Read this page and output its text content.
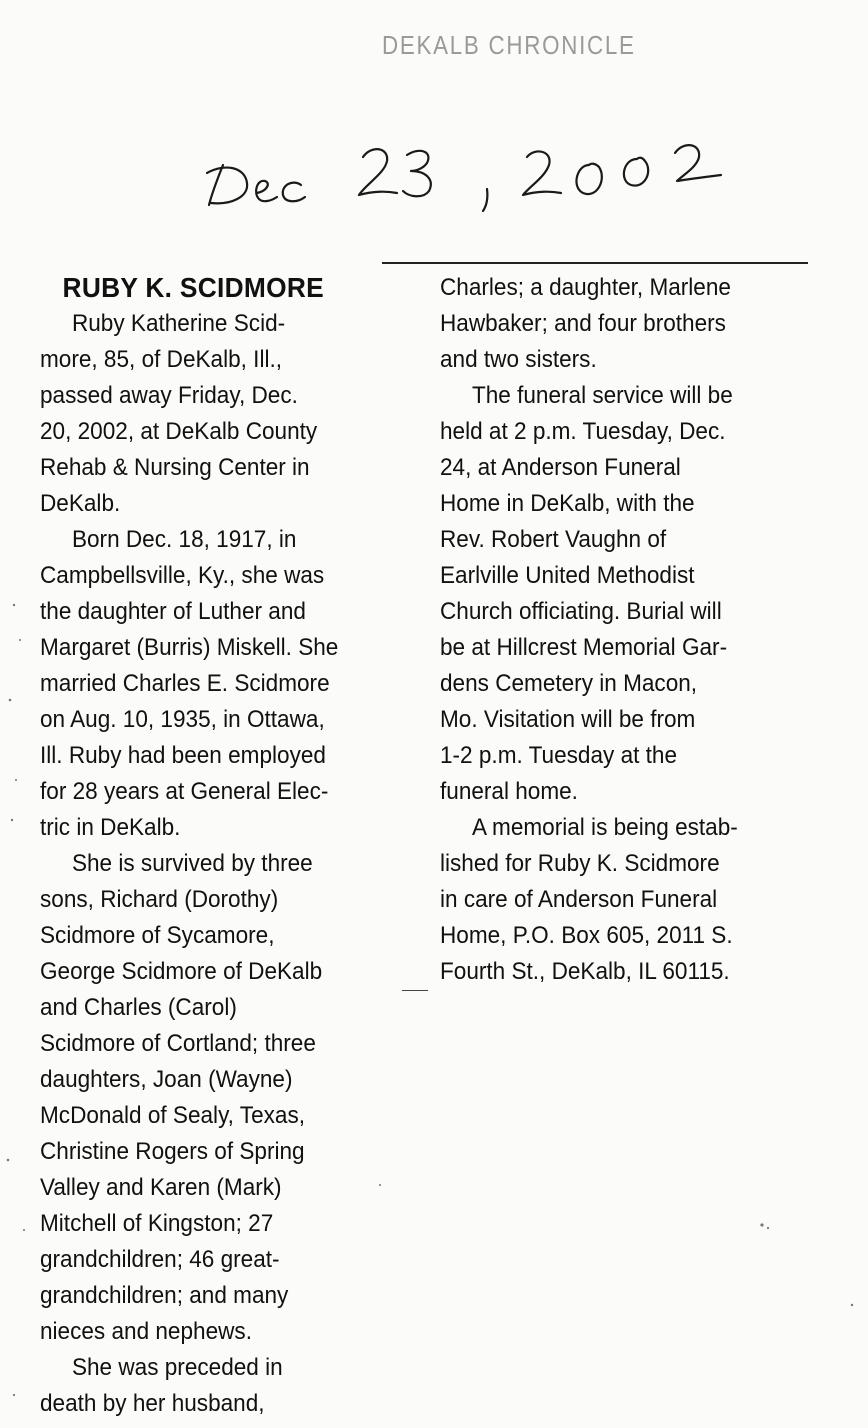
DEKALB CHRONICLE
RUBY K. SCIDMORE
Ruby Katherine Scid-
more, 85, of DeKalb, Ill.,
passed away Friday, Dec.
20, 2002, at DeKalb County
Rehab & Nursing Center in
DeKalb.
Born Dec. 18, 1917, in
Campbellsville, Ky., she was
the daughter of Luther and
Margaret (Burris) Miskell. She
married Charles E. Scidmore
on Aug. 10, 1935, in Ottawa,
Ill. Ruby had been employed
for 28 years at General Elec-
tric in DeKalb.
She is survived by three
sons, Richard (Dorothy)
Scidmore of Sycamore,
George Scidmore of DeKalb
and Charles (Carol)
Scidmore of Cortland; three
daughters, Joan (Wayne)
McDonald of Sealy, Texas,
Christine Rogers of Spring
Valley and Karen (Mark)
Mitchell of Kingston; 27
grandchildren; 46 great-
grandchildren; and many
nieces and nephews.
She was preceded in
death by her husband,
Charles; a daughter, Marlene
Hawbaker; and four brothers
and two sisters.
The funeral service will be
held at 2 p.m. Tuesday, Dec.
24, at Anderson Funeral
Home in DeKalb, with the
Rev. Robert Vaughn of
Earlville United Methodist
Church officiating. Burial will
be at Hillcrest Memorial Gar-
dens Cemetery in Macon,
Mo. Visitation will be from
1-2 p.m. Tuesday at the
funeral home.
A memorial is being estab-
lished for Ruby K. Scidmore
in care of Anderson Funeral
Home, P.O. Box 605, 2011 S.
Fourth St., DeKalb, IL 60115.
